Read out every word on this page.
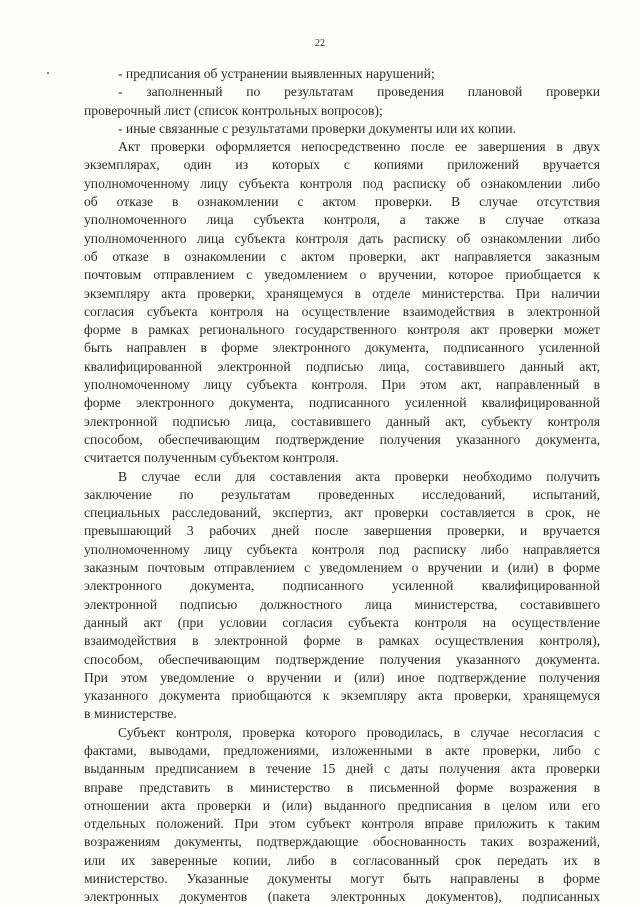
22

- предписания об устранении выявленных нарушений;

- заполненный по результатам проведения плановой проверки

проверочный лист (список контрольных вопросов);

- иные связанные с результатами проверки документы или их копии.

Акт проверки оформляется непосредственно после ее завершения в двух

экземплярах, один из которых с копиями приложений вручается

уполномоченному лицу субъекта контроля под расписку об ознакомлении либо

об отказе в ознакомлении с актом проверки. В случае отсутствия

уполномоченного лица субъекта контроля, а также в случае отказа

уполномоченного лица субъекта контроля дать расписку об ознакомлении либо

об отказе в ознакомлении с актом проверки, акт направляется заказным

почтовым отправлением с уведомлением о вручении, которое приобщается к

экземпляру акта проверки, хранящемуся в отделе министерства. При наличии

согласия субъекта контроля на осуществление взаимодействия в электронной

форме в рамках регионального государственного контроля акт проверки может

быть направлен в форме электронного документа, подписанного усиленной

квалифицированной электронной подписью лица, составившего данный акт,

уполномоченному лицу субъекта контроля. При этом акт, направленный в

форме электронного документа, подписанного усиленной квалифицированной

электронной подписью лица, составившего данный акт, субъекту контроля

способом, обеспечивающим подтверждение получения указанного документа,

считается полученным субъектом контроля.

В случае если для составления акта проверки необходимо получить

заключение по результатам проведенных исследований, испытаний,

специальных расследований, экспертиз, акт проверки составляется в срок, не

превышающий 3 рабочих дней после завершения проверки, и вручается

уполномоченному лицу субъекта контроля под расписку либо направляется

заказным почтовым отправлением с уведомлением о вручении и (или) в форме

электронного документа, подписанного усиленной квалифицированной

электронной подписью должностного лица министерства, составившего

данный акт (при условии согласия субъекта контроля на осуществление

взаимодействия в электронной форме в рамках осуществления контроля),

способом, обеспечивающим подтверждение получения указанного документа.

При этом уведомление о вручении и (или) иное подтверждение получения

указанного документа приобщаются к экземпляру акта проверки, хранящемуся

в министерстве.

Субъект контроля, проверка которого проводилась, в случае несогласия с

фактами, выводами, предложениями, изложенными в акте проверки, либо с

выданным предписанием в течение 15 дней с даты получения акта проверки

вправе представить в министерство в письменной форме возражения в

отношении акта проверки и (или) выданного предписания в целом или его

отдельных положений. При этом субъект контроля вправе приложить к таким

возражениям документы, подтверждающие обоснованность таких возражений,

или их заверенные копии, либо в согласованный срок передать их в

министерство. Указанные документы могут быть направлены в форме

электронных документов (пакета электронных документов), подписанных
